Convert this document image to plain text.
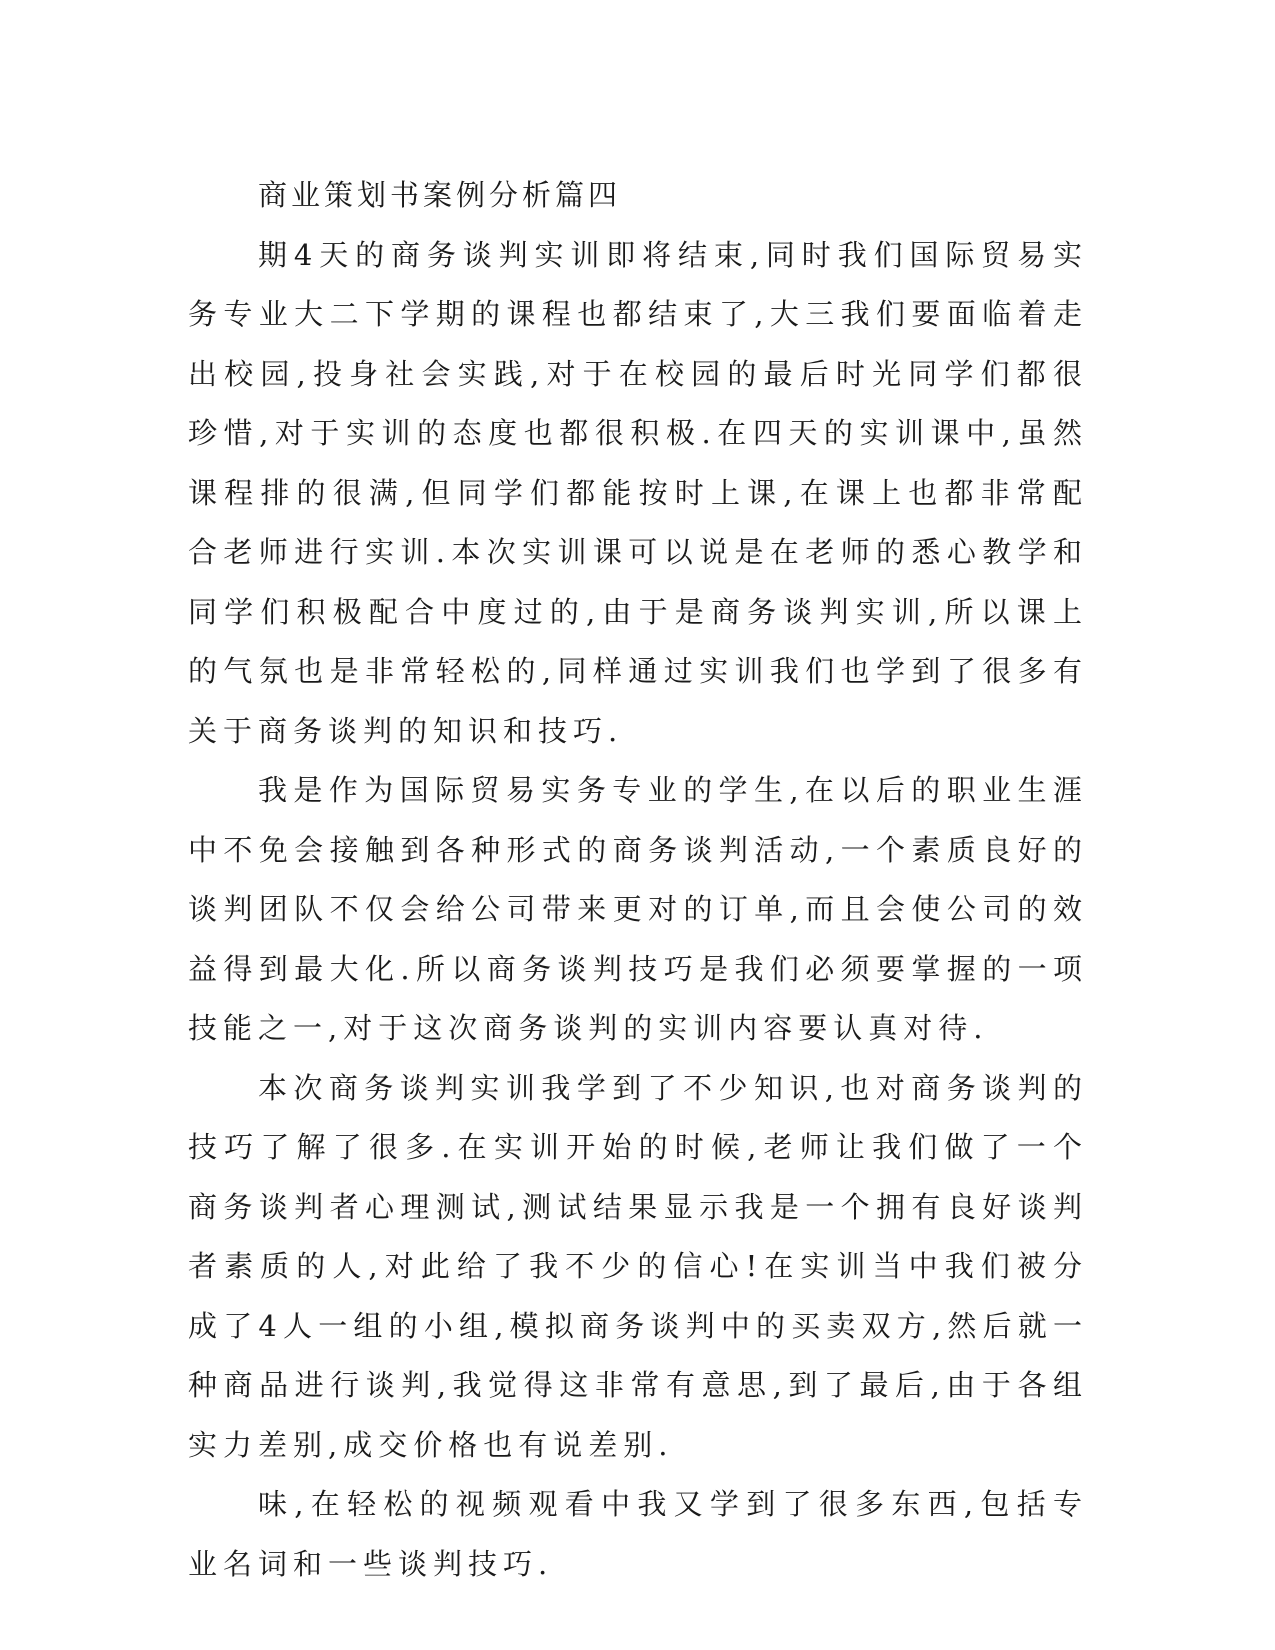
商业策划书案例分析篇四

期4天的商务谈判实训即将结束,同时我们国际贸易实务专业大二下学期的课程也都结束了,大三我们要面临着走出校园,投身社会实践,对于在校园的最后时光同学们都很珍惜,对于实训的态度也都很积极.在四天的实训课中,虽然课程排的很满,但同学们都能按时上课,在课上也都非常配合老师进行实训.本次实训课可以说是在老师的悉心教学和同学们积极配合中度过的,由于是商务谈判实训,所以课上的气氛也是非常轻松的,同样通过实训我们也学到了很多有关于商务谈判的知识和技巧.

我是作为国际贸易实务专业的学生,在以后的职业生涯中不免会接触到各种形式的商务谈判活动,一个素质良好的谈判团队不仅会给公司带来更对的订单,而且会使公司的效益得到最大化.所以商务谈判技巧是我们必须要掌握的一项技能之一,对于这次商务谈判的实训内容要认真对待.

本次商务谈判实训我学到了不少知识,也对商务谈判的技巧了解了很多.在实训开始的时候,老师让我们做了一个商务谈判者心理测试,测试结果显示我是一个拥有良好谈判者素质的人,对此给了我不少的信心!在实训当中我们被分成了4人一组的小组,模拟商务谈判中的买卖双方,然后就一种商品进行谈判,我觉得这非常有意思,到了最后,由于各组实力差别,成交价格也有说差别.

味,在轻松的视频观看中我又学到了很多东西,包括专业名词和一些谈判技巧.
